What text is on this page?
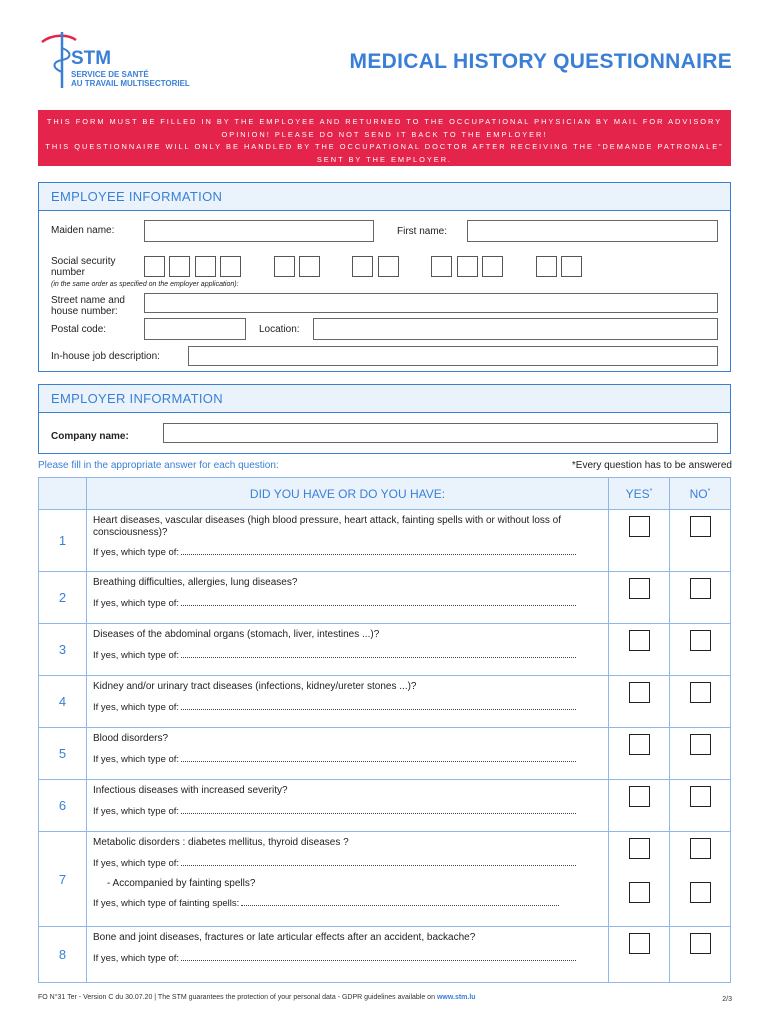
STM
SERVICE DE SANTÉ
AU TRAVAIL MULTISECTORIEL
MEDICAL HISTORY QUESTIONNAIRE
THIS FORM MUST BE FILLED IN BY THE EMPLOYEE AND RETURNED TO THE OCCUPATIONAL PHYSICIAN BY MAIL FOR ADVISORY
OPINION! PLEASE DO NOT SEND IT BACK TO THE EMPLOYER!
THIS QUESTIONNAIRE WILL ONLY BE HANDLED BY THE OCCUPATIONAL DOCTOR AFTER RECEIVING THE “DEMANDE PATRONALE”
SENT BY THE EMPLOYER.
EMPLOYEE INFORMATION
Maiden name:	First name:
Social security
number
(in the same order as specified on the employer application):
Street name and
house number:
Postal code:	Location:
In-house job description:
EMPLOYER INFORMATION
Company name:
Please fill in the appropriate answer for each question:	*Every question has to be answered
	DID YOU HAVE OR DO YOU HAVE:	YES*	NO*
1	Heart diseases, vascular diseases (high blood pressure, heart attack, fainting spells with or without loss of consciousness)?
If yes, which type of:		

2	Breathing difficulties, allergies, lung diseases?
If yes, which type of:		

3	Diseases of the abdominal organs (stomach, liver, intestines ...)?
If yes, which type of:		

4	Kidney and/or urinary tract diseases (infections, kidney/ureter stones ...)?
If yes, which type of:		

5	Blood disorders?
If yes, which type of:		

6	Infectious diseases with increased severity?
If yes, which type of:		

7	Metabolic disorders : diabetes mellitus, thyroid diseases ?
If yes, which type of:
- Accompanied by fainting spells?
If yes, which type of fainting spells:		

8	Bone and joint diseases, fractures or late articular effects after an accident, backache?
If yes, which type of:		

FO N°31 Ter - Version C du 30.07.20 | The STM guarantees the protection of your personal data - GDPR guidelines available on www.stm.lu	2/3
